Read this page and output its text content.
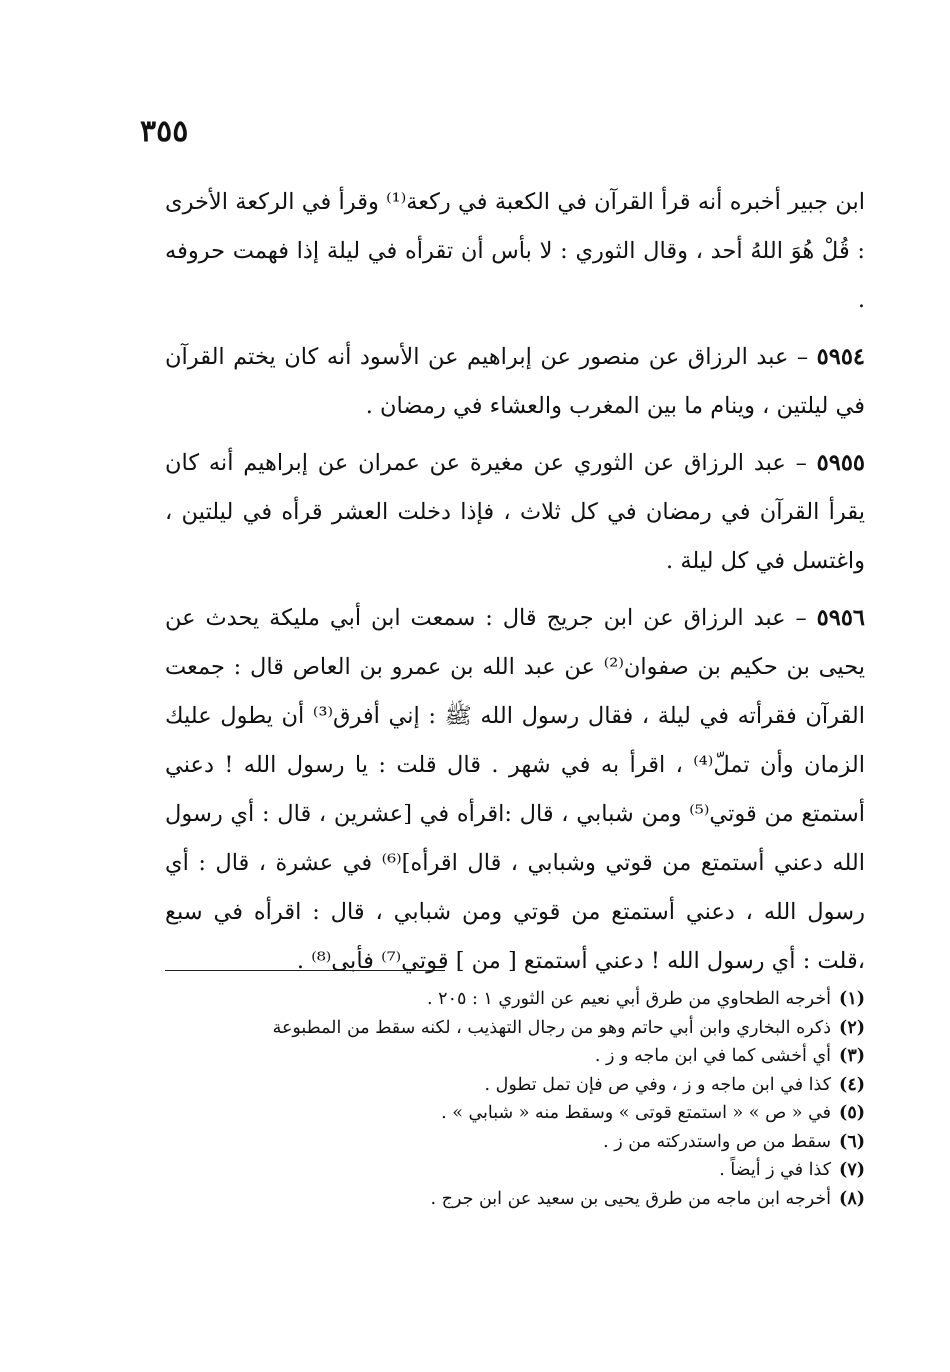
٣٥٥

ابن جبير أخبره أنه قرأ القرآن في الكعبة في ركعة⁽¹⁾ وقرأ في الركعة الأخرى : قُلْ هُوَ اللهُ أحد ، وقال الثوري : لا بأس أن تقرأه في ليلة إذا فهمت حروفه .

٥٩٥٤ – عبد الرزاق عن منصور عن إبراهيم عن الأسود أنه كان يختم القرآن في ليلتين ، وينام ما بين المغرب والعشاء في رمضان .

٥٩٥٥ – عبد الرزاق عن الثوري عن مغيرة عن عمران عن إبراهيم أنه كان يقرأ القرآن في رمضان في كل ثلاث ، فإذا دخلت العشر قرأه في ليلتين ، واغتسل في كل ليلة .

٥٩٥٦ – عبد الرزاق عن ابن جريج قال : سمعت ابن أبي مليكة يحدث عن يحيى بن حكيم بن صفوان⁽²⁾ عن عبد الله بن عمرو بن العاص قال : جمعت القرآن فقرأته في ليلة ، فقال رسول الله ﷺ : إني أفرق⁽³⁾ أن يطول عليك الزمان وأن تملّ⁽⁴⁾ ، اقرأ به في شهر . قال قلت : يا رسول الله ! دعني أستمتع من قوتي⁽⁵⁾ ومن شبابي ، قال :اقرأه في [عشرين ، قال : أي رسول الله دعني أستمتع من قوتي وشبابي ، قال اقرأه]⁽⁶⁾ في عشرة ، قال : أي رسول الله ، دعني أستمتع من قوتي ومن شبابي ، قال : اقرأه في سبع ،قلت : أي رسول الله ! دعني أستمتع [ من ] قوتي⁽⁷⁾ فأبى⁽⁸⁾ .

(١)أخرجه الطحاوي من طرق أبي نعيم عن الثوري ١ : ٢٠٥ .
(٢)ذكره البخاري وابن أبي حاتم وهو من رجال التهذيب ، لكنه سقط من المطبوعة
(٣)أي أخشى كما في ابن ماجه و ز .
(٤)كذا في ابن ماجه و ز ، وفي ص فإن تمل تطول .
(٥)في « ص » « استمتع قوتى » وسقط منه « شبابي » .
(٦)سقط من ص واستدركته من ز .
(٧)كذا في ز أيضاً .
(٨)أخرجه ابن ماجه من طرق يحيى بن سعيد عن ابن جرج .
